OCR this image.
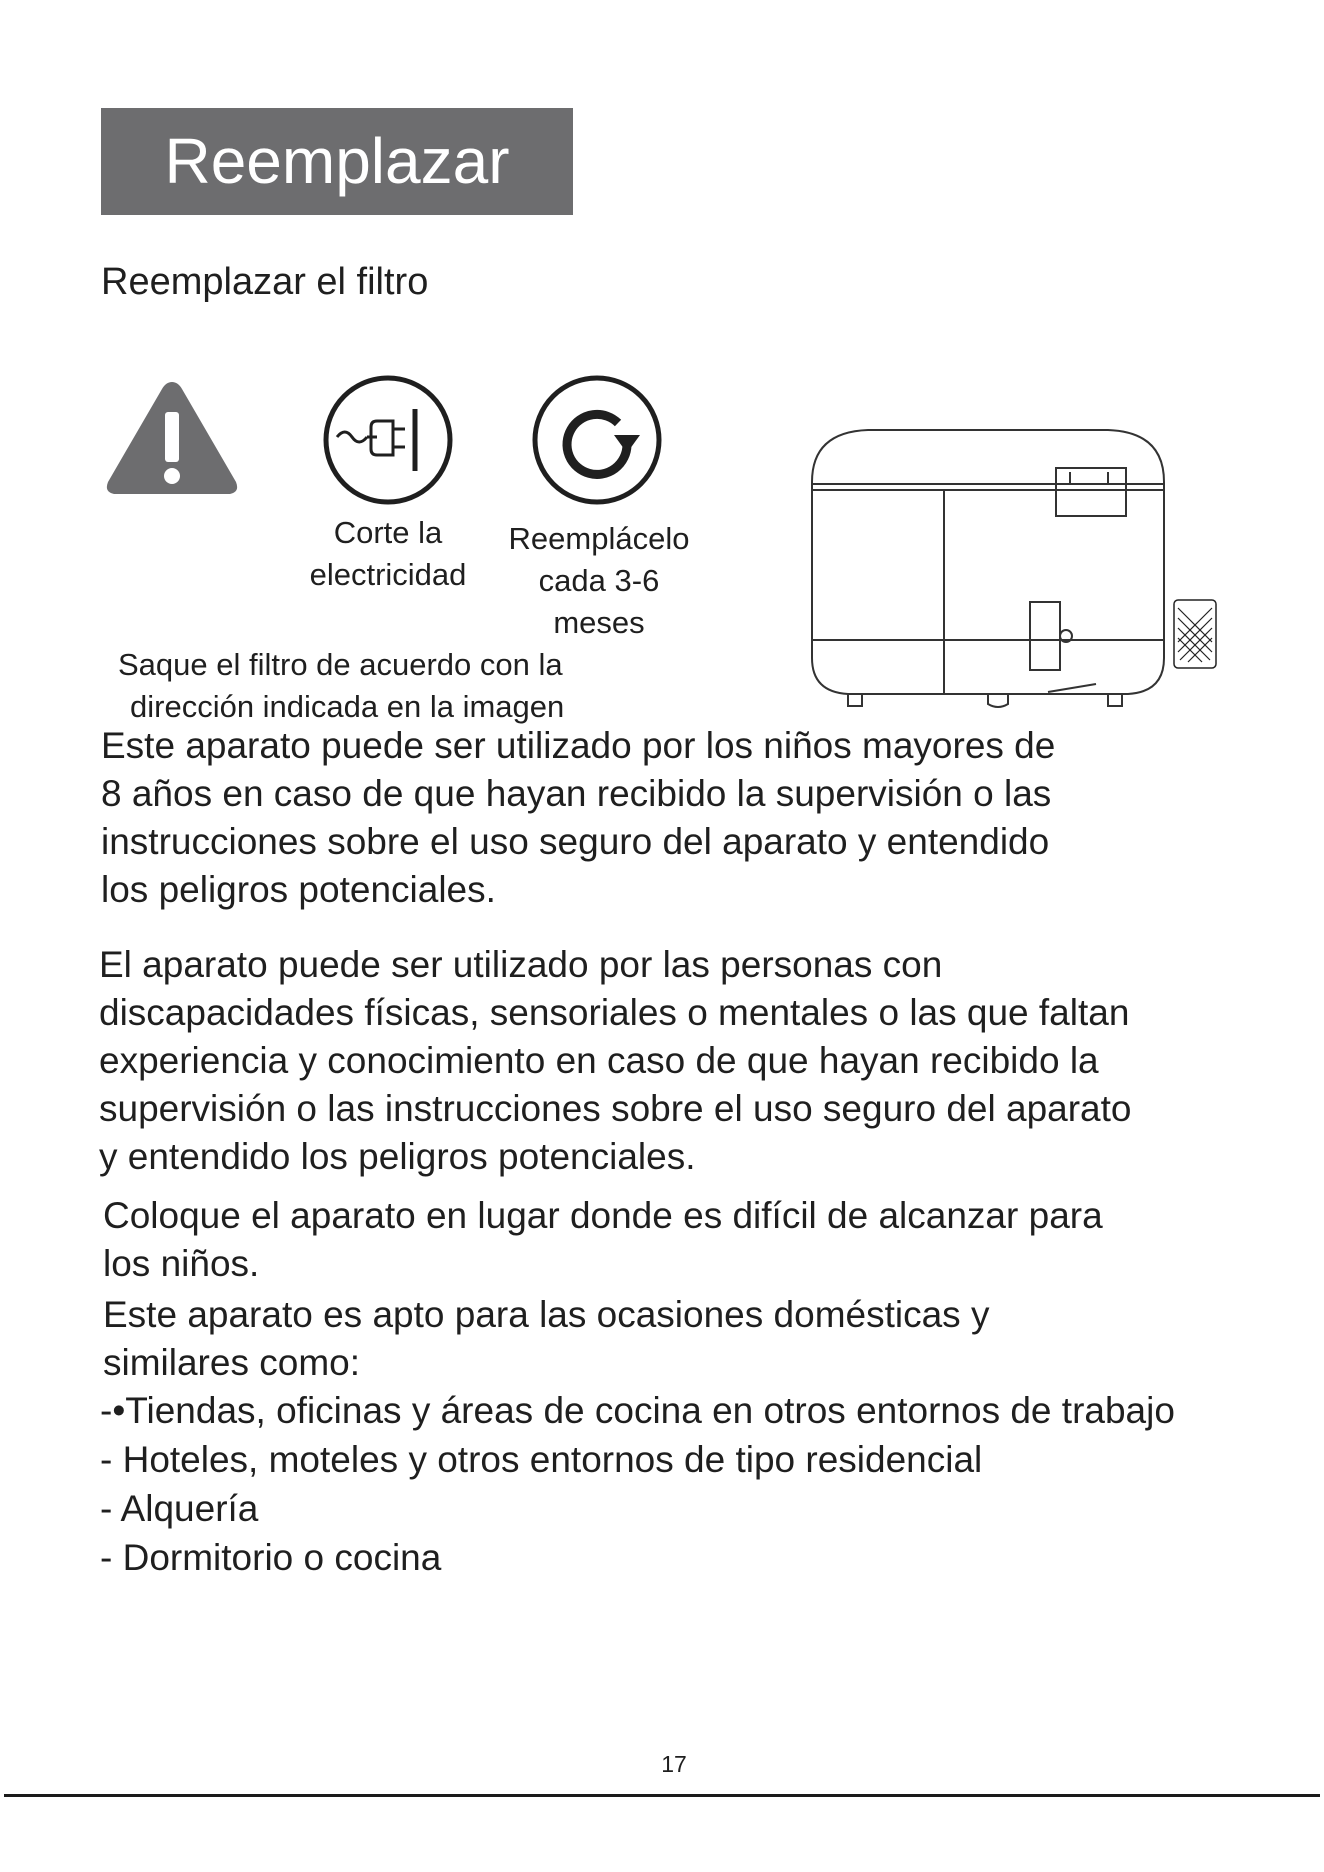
Reemplazar
Reemplazar el filtro
Corte la
electricidad
Reemplácelo
cada 3-6
meses
Saque el filtro de acuerdo con la
dirección indicada en la imagen

Este aparato puede ser utilizado por los niños mayores de
8 años en caso de que hayan recibido la supervisión o las
instrucciones sobre el uso seguro del aparato y entendido
los peligros potenciales.

El aparato puede ser utilizado por las personas con
discapacidades físicas, sensoriales o mentales o las que faltan
experiencia y conocimiento en caso de que hayan recibido la
supervisión o las instrucciones sobre el uso seguro del aparato
y entendido los peligros potenciales.

Coloque el aparato en lugar donde es difícil de alcanzar para
los niños.

Este aparato es apto para las ocasiones domésticas y
similares como:

-•Tiendas, oficinas y áreas de cocina en otros entornos de trabajo
- Hoteles, moteles y otros entornos de tipo residencial
- Alquería
- Dormitorio o cocina
17
